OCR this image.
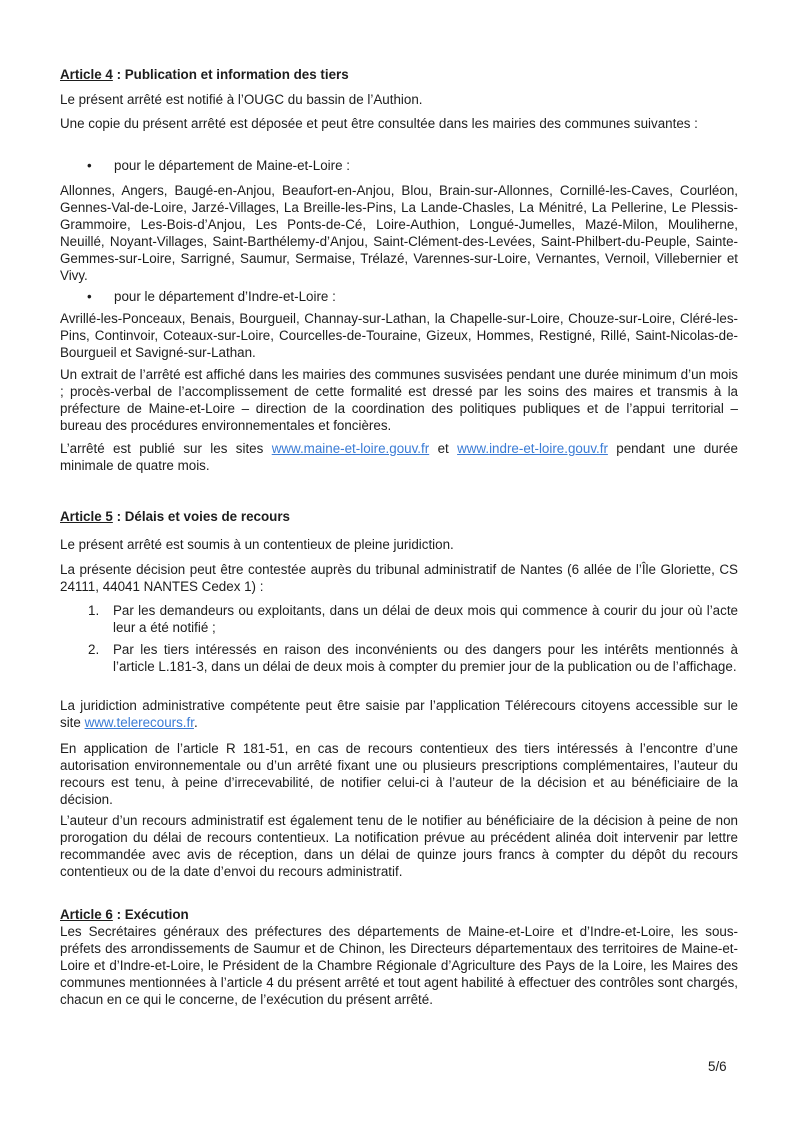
Article 4 : Publication et information des tiers

Le présent arrêté est notifié à l’OUGC du bassin de l’Authion.

Une copie du présent arrêté est déposée et peut être consultée dans les mairies des communes suivantes :

• pour le département de Maine-et-Loire :

Allonnes, Angers, Baugé-en-Anjou, Beaufort-en-Anjou, Blou, Brain-sur-Allonnes, Cornillé-les-Caves, Courléon, Gennes-Val-de-Loire, Jarzé-Villages, La Breille-les-Pins, La Lande-Chasles, La Ménitré, La Pellerine, Le Plessis-Grammoire, Les-Bois-d’Anjou, Les Ponts-de-Cé, Loire-Authion, Longué-Jumelles, Mazé-Milon, Mouliherne, Neuillé, Noyant-Villages, Saint-Barthélemy-d’Anjou, Saint-Clément-des-Levées, Saint-Philbert-du-Peuple, Sainte-Gemmes-sur-Loire, Sarrigné, Saumur, Sermaise, Trélazé, Varennes-sur-Loire, Vernantes, Vernoil, Villebernier et Vivy.

• pour le département d’Indre-et-Loire :

Avrillé-les-Ponceaux, Benais, Bourgueil, Channay-sur-Lathan, la Chapelle-sur-Loire, Chouze-sur-Loire, Cléré-les-Pins, Continvoir, Coteaux-sur-Loire, Courcelles-de-Touraine, Gizeux, Hommes, Restigné, Rillé, Saint-Nicolas-de-Bourgueil et Savigné-sur-Lathan.

Un extrait de l’arrêté est affiché dans les mairies des communes susvisées pendant une durée minimum d’un mois ; procès-verbal de l’accomplissement de cette formalité est dressé par les soins des maires et transmis à la préfecture de Maine-et-Loire – direction de la coordination des politiques publiques et de l’appui territorial – bureau des procédures environnementales et foncières.

L’arrêté est publié sur les sites www.maine-et-loire.gouv.fr et www.indre-et-loire.gouv.fr pendant une durée minimale de quatre mois.

Article 5 : Délais et voies de recours

Le présent arrêté est soumis à un contentieux de pleine juridiction.

La présente décision peut être contestée auprès du tribunal administratif de Nantes (6 allée de l’Île Gloriette, CS 24111, 44041 NANTES Cedex 1) :

1. Par les demandeurs ou exploitants, dans un délai de deux mois qui commence à courir du jour où l’acte leur a été notifié ;

2. Par les tiers intéressés en raison des inconvénients ou des dangers pour les intérêts mentionnés à l’article L.181-3, dans un délai de deux mois à compter du premier jour de la publication ou de l’affichage.

La juridiction administrative compétente peut être saisie par l’application Télérecours citoyens accessible sur le site www.telerecours.fr.

En application de l’article R 181-51, en cas de recours contentieux des tiers intéressés à l’encontre d’une autorisation environnementale ou d’un arrêté fixant une ou plusieurs prescriptions complémentaires, l’auteur du recours est tenu, à peine d’irrecevabilité, de notifier celui-ci à l’auteur de la décision et au bénéficiaire de la décision.

L’auteur d’un recours administratif est également tenu de le notifier au bénéficiaire de la décision à peine de non prorogation du délai de recours contentieux. La notification prévue au précédent alinéa doit intervenir par lettre recommandée avec avis de réception, dans un délai de quinze jours francs à compter du dépôt du recours contentieux ou de la date d’envoi du recours administratif.

Article 6 : Exécution

Les Secrétaires généraux des préfectures des départements de Maine-et-Loire et d’Indre-et-Loire, les sous-préfets des arrondissements de Saumur et de Chinon, les Directeurs départementaux des territoires de Maine-et-Loire et d’Indre-et-Loire, le Président de la Chambre Régionale d’Agriculture des Pays de la Loire, les Maires des communes mentionnées à l’article 4 du présent arrêté et tout agent habilité à effectuer des contrôles sont chargés, chacun en ce qui le concerne, de l’exécution du présent arrêté.

5/6
